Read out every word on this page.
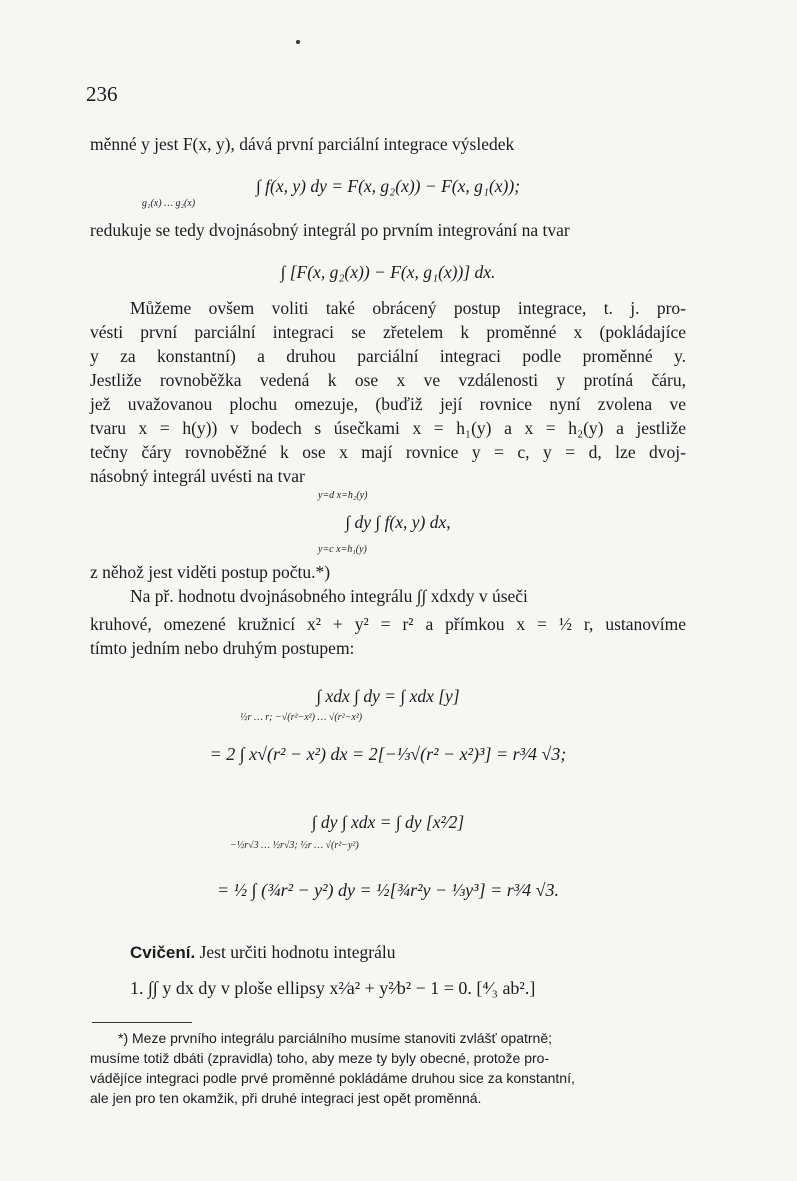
236
měnné y jest F(x, y), dává první parciální integrace výsledek
∫ f(x, y) dy = F(x, g₂(x)) − F(x, g₁(x));
g₁(x) … g₂(x)
redukuje se tedy dvojnásobný integrál po prvním integrování na tvar
∫ [F(x, g₂(x)) − F(x, g₁(x))] dx.
Můžeme ovšem voliti také obrácený postup integrace, t. j. pro-
vésti první parciální integraci se zřetelem k proměnné x (pokládajíce
y za konstantní) a druhou parciální integraci podle proměnné y.
Jestliže rovnoběžka vedená k ose x ve vzdálenosti y protíná čáru,
jež uvažovanou plochu omezuje, (buďiž její rovnice nyní zvolena ve
tvaru x = h(y)) v bodech s úsečkami x = h₁(y) a x = h₂(y) a jestliže
tečny čáry rovnoběžné k ose x mají rovnice y = c, y = d, lze dvoj-
násobný integrál uvésti na tvar
y=d x=h₂(y)
∫ dy ∫ f(x, y) dx,
y=c x=h₁(y)
z něhož jest viděti postup počtu.*)
Na př. hodnotu dvojnásobného integrálu ∫∫ xdxdy v úseči
kruhové, omezené kružnicí x² + y² = r² a přímkou x = ½ r, ustanovíme
tímto jedním nebo druhým postupem:
∫ xdx ∫ dy = ∫ xdx [y]
½r … r; −√(r²−x²) … √(r²−x²)
= 2 ∫ x√(r² − x²) dx = 2[−⅓√(r² − x²)³] = r³⁄4 √3;
∫ dy ∫ xdx = ∫ dy [x²⁄2]
−½r√3 … ½r√3; ½r … √(r²−y²)
= ½ ∫ (¾r² − y²) dy = ½[¾r²y − ⅓y³] = r³⁄4 √3.
Cvičení. Jest určiti hodnotu integrálu
1. ∫∫ y dx dy v ploše ellipsy x²⁄a² + y²⁄b² − 1 = 0. [⁴⁄₃ ab².]
*) Meze prvního integrálu parciálního musíme stanoviti zvlášť opatrně;
musíme totiž dbáti (zpravidla) toho, aby meze ty byly obecné, protože pro-
vádějíce integraci podle prvé proměnné pokládáme druhou sice za konstantní,
ale jen pro ten okamžik, při druhé integraci jest opět proměnná.
